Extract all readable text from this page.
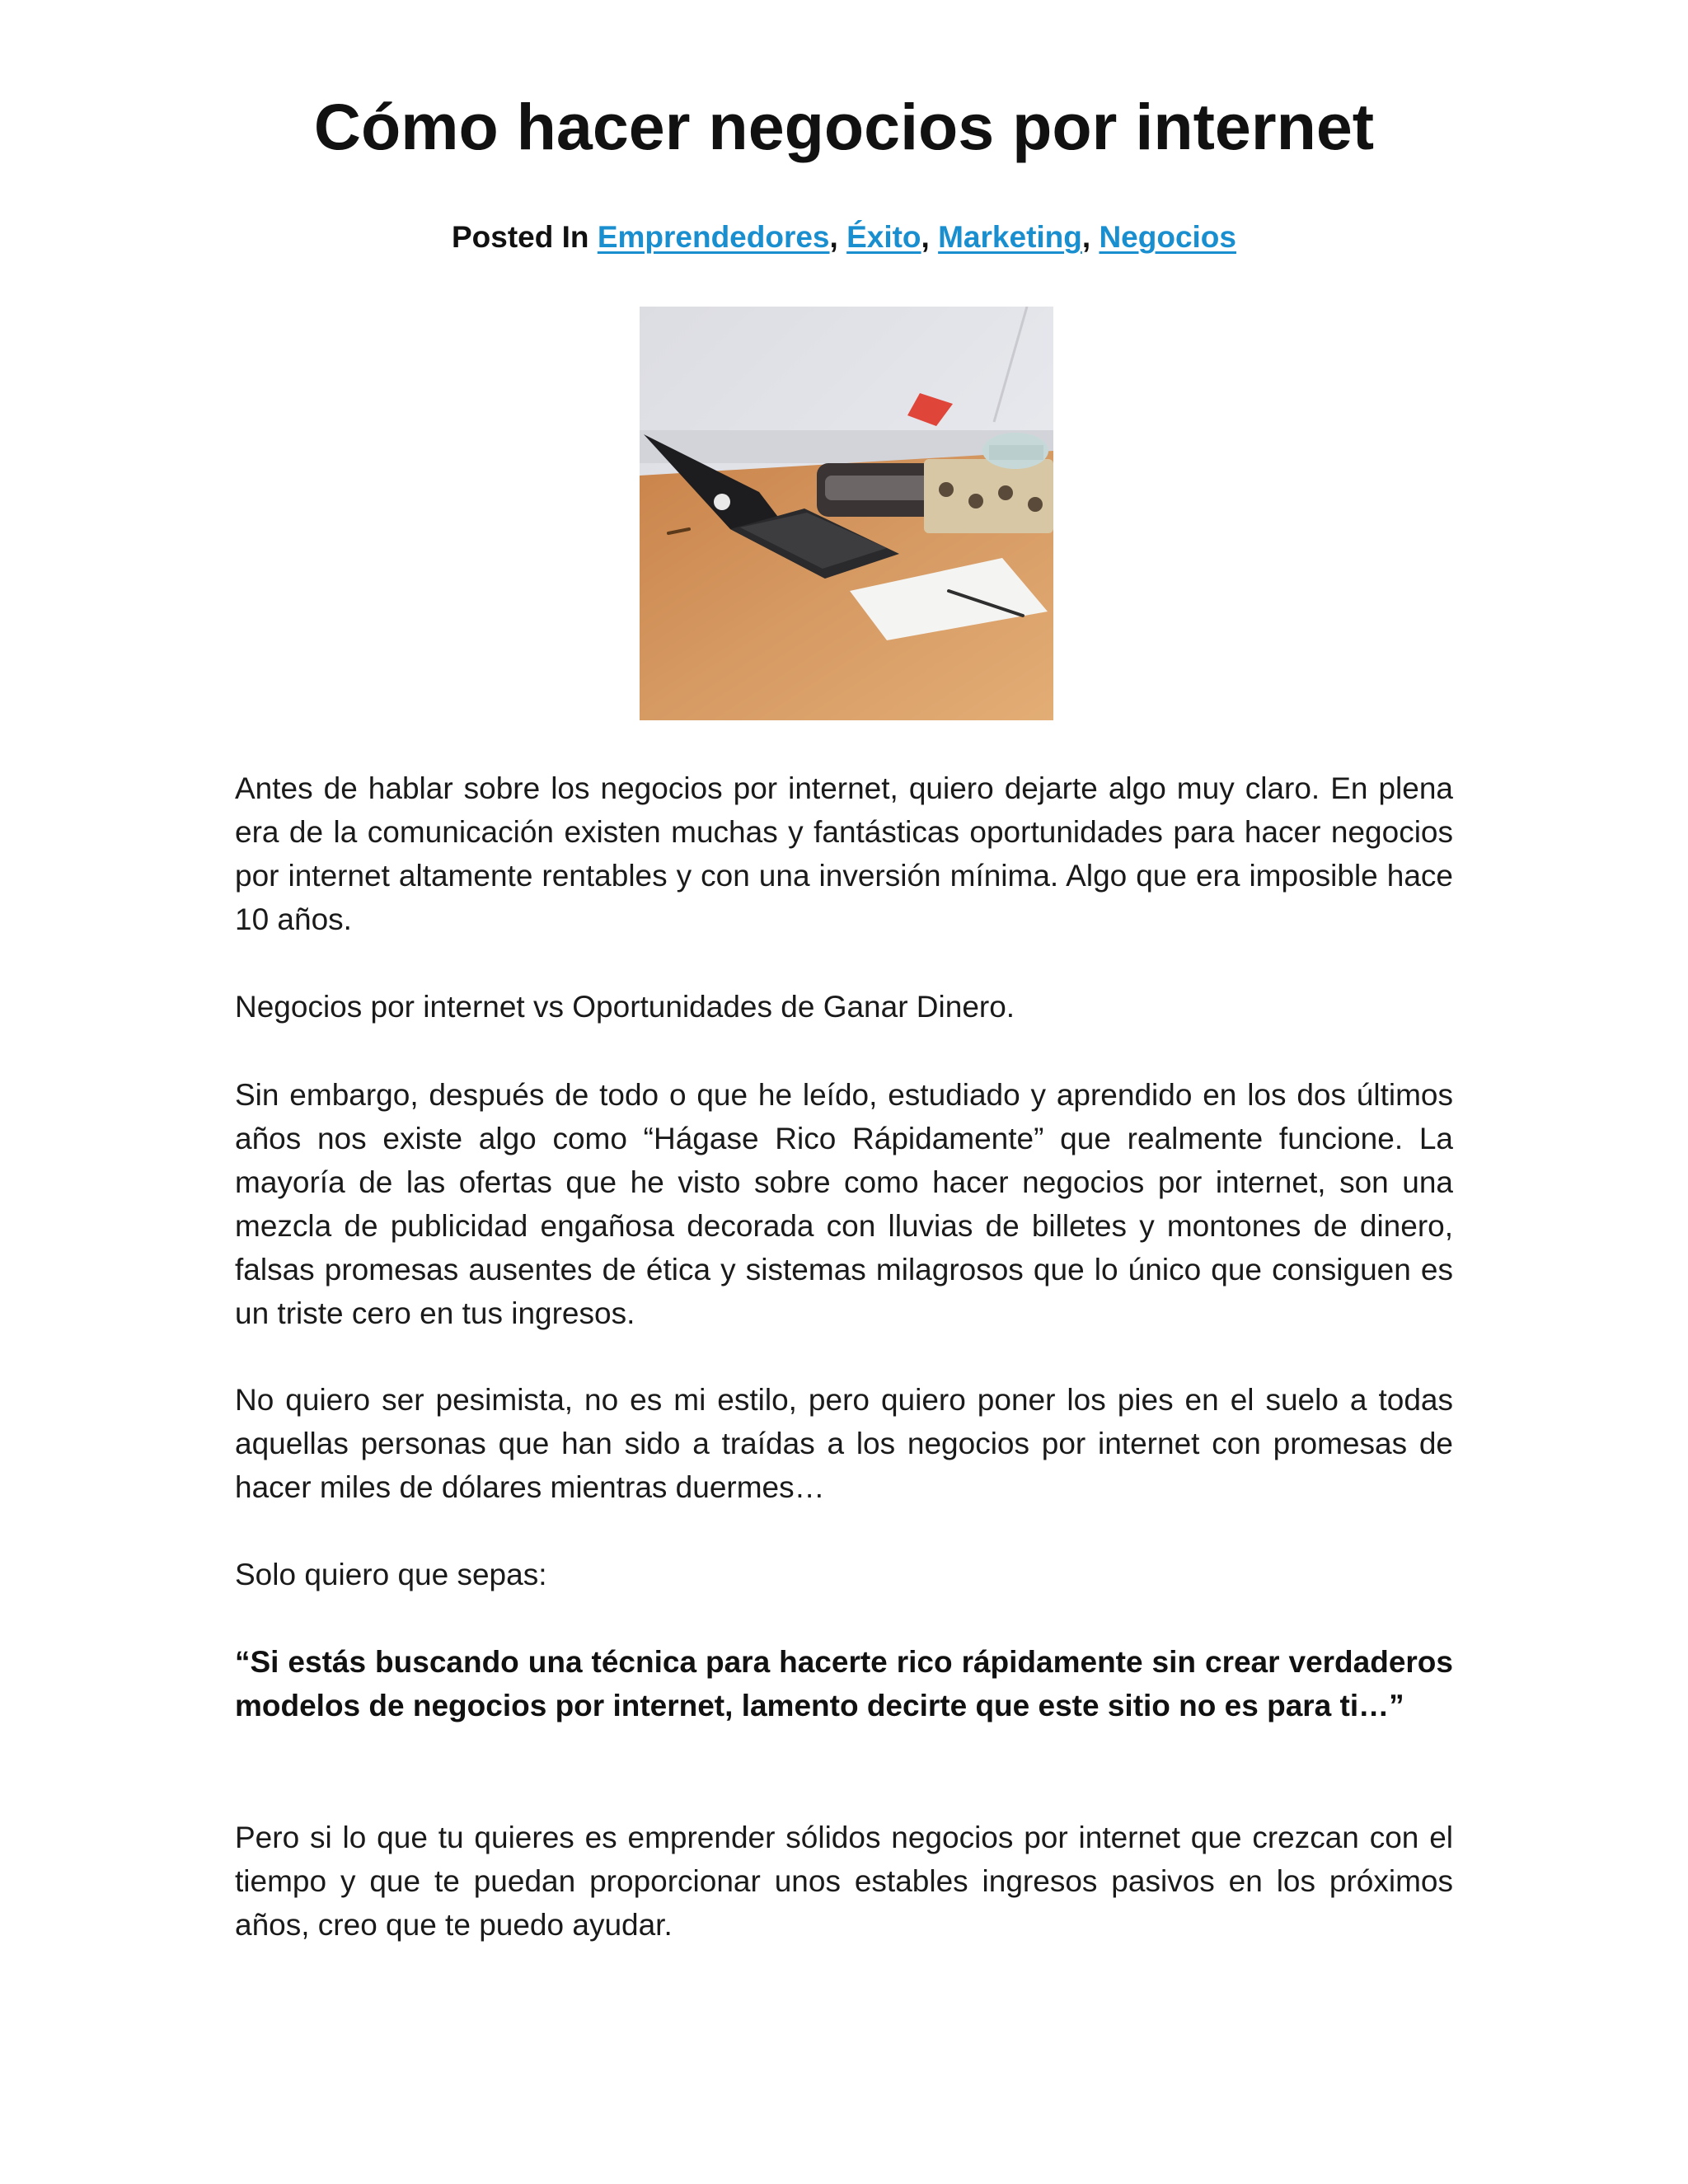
Cómo hacer negocios por internet
Posted In Emprendedores, Éxito, Marketing, Negocios

Antes de hablar sobre los negocios por internet, quiero dejarte algo muy claro. En plena era de la comunicación existen muchas y fantásticas oportunidades para hacer negocios por internet altamente rentables y con una inversión mínima. Algo que era imposible hace 10 años.

Negocios por internet vs Oportunidades de Ganar Dinero.

Sin embargo, después de todo o que he leído, estudiado y aprendido en los dos últimos años nos existe algo como “Hágase Rico Rápidamente” que realmente funcione. La mayoría de las ofertas que he visto sobre como hacer negocios por internet, son una mezcla de publicidad engañosa decorada con lluvias de billetes y montones de dinero, falsas promesas ausentes de ética y sistemas milagrosos que lo único que consiguen es un triste cero en tus ingresos.

No quiero ser pesimista, no es mi estilo, pero quiero poner los pies en el suelo a todas aquellas personas que han sido a traídas a los negocios por internet con promesas de hacer miles de dólares mientras duermes…

Solo quiero que sepas:

“Si estás buscando una técnica para hacerte rico rápidamente sin crear verdaderos modelos de negocios por internet, lamento decirte que este sitio no es para ti…”

Pero si lo que tu quieres es emprender sólidos negocios por internet que crezcan con el tiempo y que te puedan proporcionar unos estables ingresos pasivos en los próximos años, creo que te puedo ayudar.
